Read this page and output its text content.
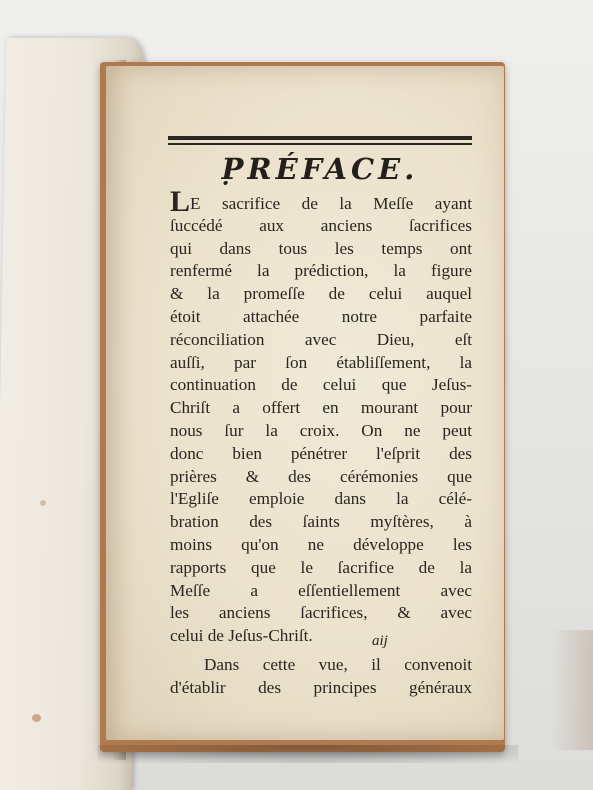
P̣RÉFACE.
LE sacrifice de la Meſſe ayant
ſuccédé aux anciens ſacrifices
qui dans tous les temps ont
renfermé la prédiction, la figure
& la promeſſe de celui auquel
étoit attachée notre parfaite
réconciliation avec Dieu, eſt
auſſi, par ſon établiſſement, la
continuation de celui que Jeſus-
Chriſt a offert en mourant pour
nous ſur la croix. On ne peut
donc bien pénétrer l'eſprit des
prières & des cérémonies que
l'Egliſe emploie dans la célé-
bration des ſaints myſtères, à
moins qu'on ne développe les
rapports que le ſacrifice de la
Meſſe a eſſentiellement avec
les anciens ſacrifices, & avec
celui de Jeſus-Chriſt.
Dans cette vue, il convenoit
d'établir des principes généraux
aij
